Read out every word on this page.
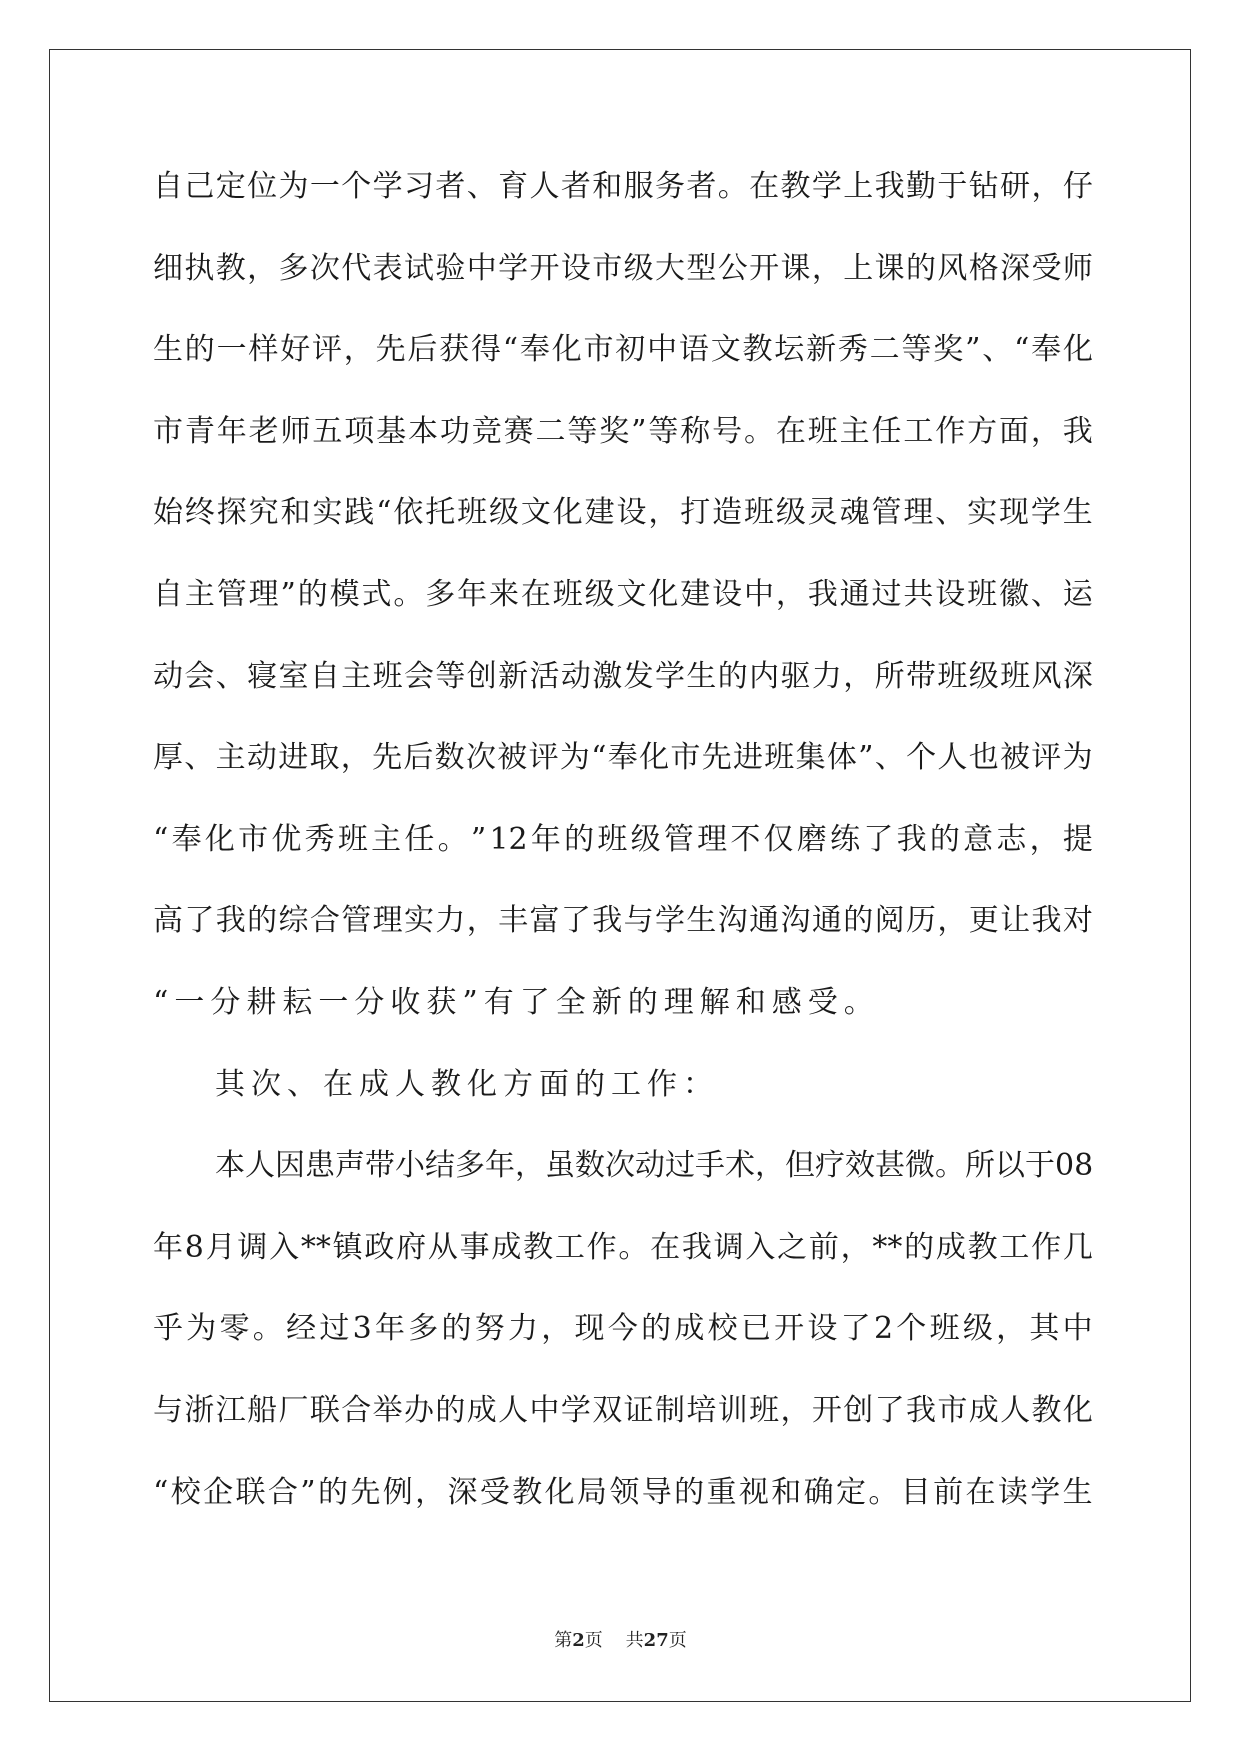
自 己 定 位 为 一 个 学 习 者 、 育 人 者 和 服 务 者 。 在 教 学 上 我 勤 于 钻 研 ， 仔
细 执 教 ， 多 次 代 表 试 验 中 学 开 设 市 级 大 型 公 开 课 ， 上 课 的 风 格 深 受 师
生 的 一 样 好 评 ， 先 后 获 得 “ 奉 化 市 初 中 语 文 教 坛 新 秀 二 等 奖 ” 、 “ 奉 化
市 青 年 老 师 五 项 基 本 功 竞 赛 二 等 奖 ” 等 称 号 。 在 班 主 任 工 作 方 面 ， 我
始 终 探 究 和 实 践 “ 依 托 班 级 文 化 建 设 ， 打 造 班 级 灵 魂 管 理 、 实 现 学 生
自 主 管 理 ” 的 模 式 。 多 年 来 在 班 级 文 化 建 设 中 ， 我 通 过 共 设 班 徽 、 运
动 会 、 寝 室 自 主 班 会 等 创 新 活 动 激 发 学 生 的 内 驱 力 ， 所 带 班 级 班 风 深
厚 、 主 动 进 取 ， 先 后 数 次 被 评 为 “ 奉 化 市 先 进 班 集 体 ” 、 个 人 也 被 评 为
“ 奉 化 市 优 秀 班 主 任 。 ” 12 年 的 班 级 管 理 不 仅 磨 练 了 我 的 意 志 ， 提
高 了 我 的 综 合 管 理 实 力 ， 丰 富 了 我 与 学 生 沟 通 沟 通 的 阅 历 ， 更 让 我 对
“ 一 分 耕 耘 一 分 收 获 ” 有 了 全 新 的 理 解 和 感 受 。
其 次 、 在 成 人 教 化 方 面 的 工 作 ：
本 人 因 患 声 带 小 结 多 年 ， 虽 数 次 动 过 手 术 ， 但 疗 效 甚 微 。 所 以 于 08
年 8 月 调 入 ** 镇 政 府 从 事 成 教 工 作 。 在 我 调 入 之 前 ， ** 的 成 教 工 作 几
乎 为 零 。 经 过 3 年 多 的 努 力 ， 现 今 的 成 校 已 开 设 了 2 个 班 级 ， 其 中
与 浙 江 船 厂 联 合 举 办 的 成 人 中 学 双 证 制 培 训 班 ， 开 创 了 我 市 成 人 教 化
“ 校 企 联 合 ” 的 先 例 ， 深 受 教 化 局 领 导 的 重 视 和 确 定 。 目 前 在 读 学 生
第2页    共27页
